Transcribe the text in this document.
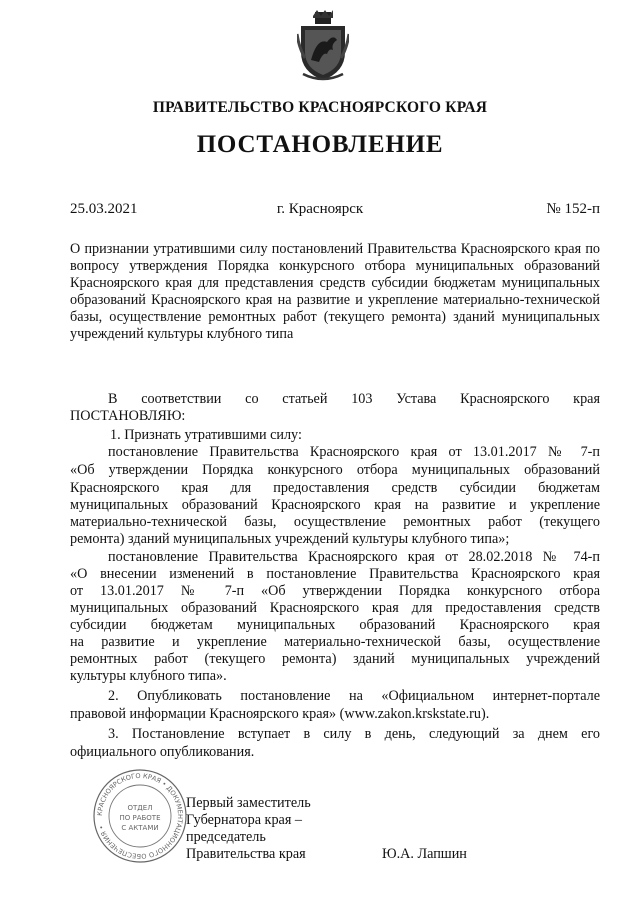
ПРАВИТЕЛЬСТВО КРАСНОЯРСКОГО КРАЯ
ПОСТАНОВЛЕНИЕ
25.03.2021	г. Красноярск	№ 152-п
О признании утратившими силу постановлений Правительства Красноярского края по вопросу утверждения Порядка конкурсного отбора муниципальных образований Красноярского края для представления средств субсидии бюджетам муниципальных образований Красноярского края на развитие и укрепление материально-технической базы, осуществление ремонтных работ (текущего ремонта) зданий муниципальных учреждений культуры клубного типа
В соответствии со статьей 103 Устава Красноярского края
ПОСТАНОВЛЯЮ:
1. Признать утратившими силу:
постановление Правительства Красноярского края от 13.01.2017 № 7-п
«Об утверждении Порядка конкурсного отбора муниципальных образований
Красноярского края для предоставления средств субсидии бюджетам
муниципальных образований Красноярского края на развитие и укрепление
материально-технической базы, осуществление ремонтных работ (текущего
ремонта) зданий муниципальных учреждений культуры клубного типа»;
постановление Правительства Красноярского края от 28.02.2018 № 74-п
«О внесении изменений в постановление Правительства Красноярского края
от 13.01.2017 № 7-п «Об утверждении Порядка конкурсного отбора
муниципальных образований Красноярского края для предоставления средств
субсидии бюджетам муниципальных образований Красноярского края
на развитие и укрепление материально-технической базы, осуществление
ремонтных работ (текущего ремонта) зданий муниципальных учреждений
культуры клубного типа».
2. Опубликовать постановление на «Официальном интернет-портале
правовой информации Красноярского края» (www.zakon.krskstate.ru).
3. Постановление вступает в силу в день, следующий за днем его
официального опубликования.
КРАСНОЯРСКОГО КРАЯ • ДОКУМЕНТАЦИОННОГО ОБЕСПЕЧЕНИЯ •
ОТДЕЛ
ПО РАБОТЕ
С АКТАМИ
Первый заместитель
Губернатора края –
председатель
Правительства края	Ю.А. Лапшин
